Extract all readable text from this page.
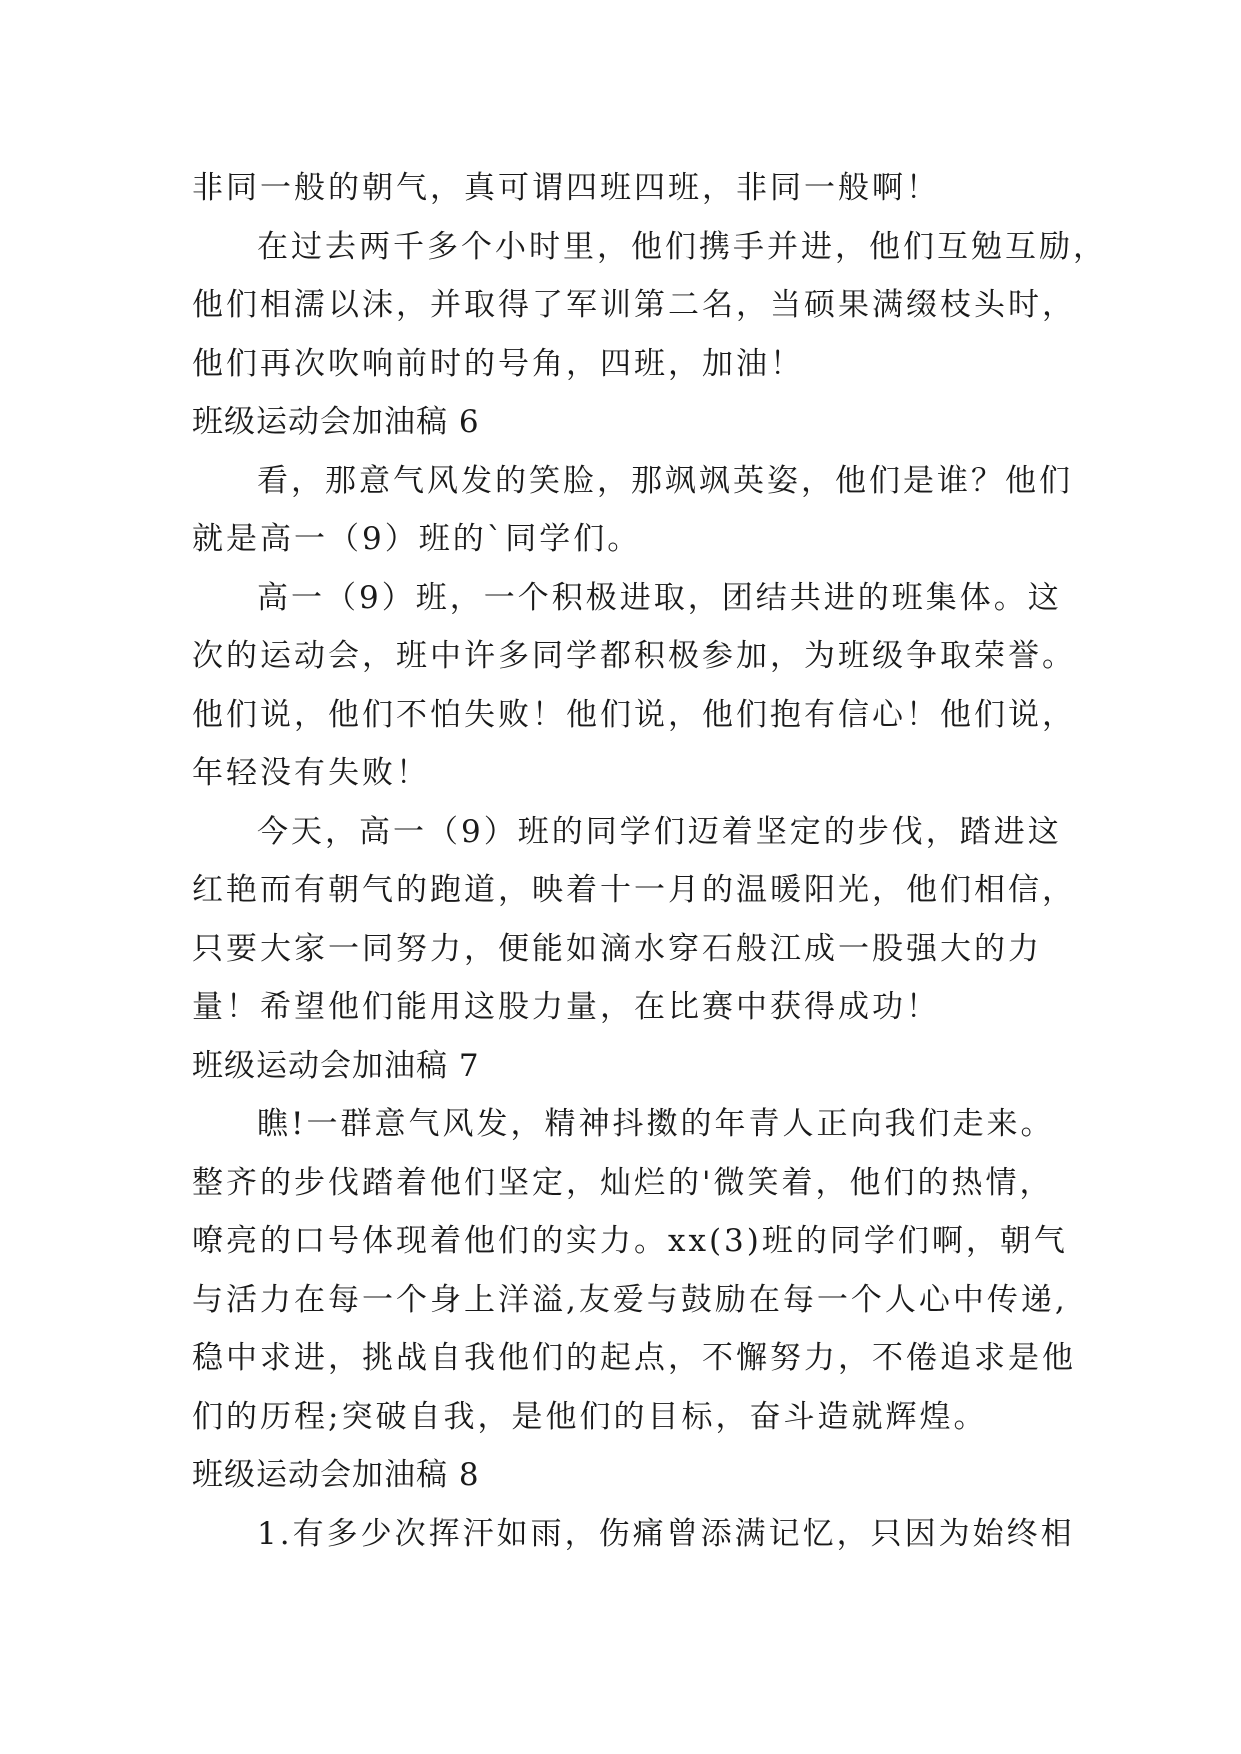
非同一般的朝气，真可谓四班四班，非同一般啊！
在过去两千多个小时里，他们携手并进，他们互勉互励，
他们相濡以沫，并取得了军训第二名，当硕果满缀枝头时，
他们再次吹响前时的号角，四班，加油！
班级运动会加油稿 6
看，那意气风发的笑脸，那飒飒英姿，他们是谁？他们
就是高一（9）班的`同学们。
高一（9）班，一个积极进取，团结共进的班集体。这
次的运动会，班中许多同学都积极参加，为班级争取荣誉。
他们说，他们不怕失败！他们说，他们抱有信心！他们说，
年轻没有失败！
今天，高一（9）班的同学们迈着坚定的步伐，踏进这
红艳而有朝气的跑道，映着十一月的温暖阳光，他们相信，
只要大家一同努力，便能如滴水穿石般江成一股强大的力
量！希望他们能用这股力量，在比赛中获得成功！
班级运动会加油稿 7
瞧!一群意气风发，精神抖擞的年青人正向我们走来。
整齐的步伐踏着他们坚定，灿烂的'微笑着，他们的热情，
嘹亮的口号体现着他们的实力。xx(3)班的同学们啊，朝气
与活力在每一个身上洋溢,友爱与鼓励在每一个人心中传递,
稳中求进，挑战自我他们的起点，不懈努力，不倦追求是他
们的历程;突破自我，是他们的目标，奋斗造就辉煌。
班级运动会加油稿 8
1.有多少次挥汗如雨，伤痛曾添满记忆，只因为始终相
